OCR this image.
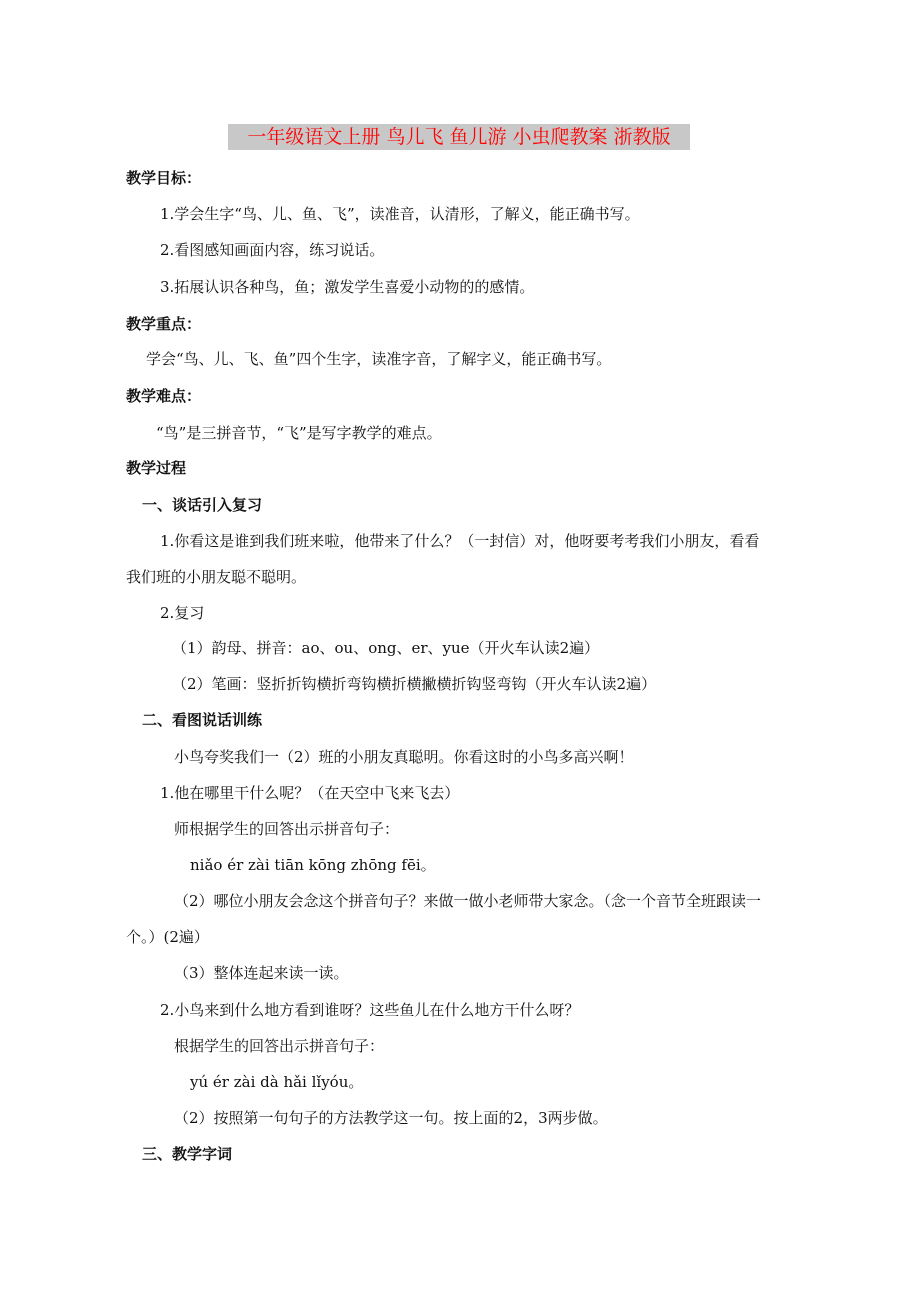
一年级语文上册 鸟儿飞 鱼儿游 小虫爬教案 浙教版
教学目标：
1.学会生字“鸟、儿、鱼、飞”，读准音，认清形，了解义，能正确书写。
2.看图感知画面内容，练习说话。
3.拓展认识各种鸟，鱼；激发学生喜爱小动物的的感情。
教学重点：
学会“鸟、儿、飞、鱼”四个生字，读准字音，了解字义，能正确书写。
教学难点：
“鸟”是三拼音节，“飞”是写字教学的难点。
教学过程
一、谈话引入复习
1.你看这是谁到我们班来啦，他带来了什么？（一封信）对，他呀要考考我们小朋友，看看
我们班的小朋友聪不聪明。
2.复习
（1）韵母、拼音：ao、ou、ong、er、yue（开火车认读2遍）
（2）笔画：竖折折钩横折弯钩横折横撇横折钩竖弯钩（开火车认读2遍）
二、看图说话训练
小鸟夸奖我们一（2）班的小朋友真聪明。你看这时的小鸟多高兴啊！
1.他在哪里干什么呢？（在天空中飞来飞去）
师根据学生的回答出示拼音句子：
niǎo ér zài tiān kōng zhōng fēi。
（2）哪位小朋友会念这个拼音句子？来做一做小老师带大家念。（念一个音节全班跟读一
个。）(2遍）
（3）整体连起来读一读。
2.小鸟来到什么地方看到谁呀？这些鱼儿在什么地方干什么呀？
根据学生的回答出示拼音句子：
yú ér zài dà hǎi lǐyóu。
（2）按照第一句句子的方法教学这一句。按上面的2，3两步做。
三、教学字词
